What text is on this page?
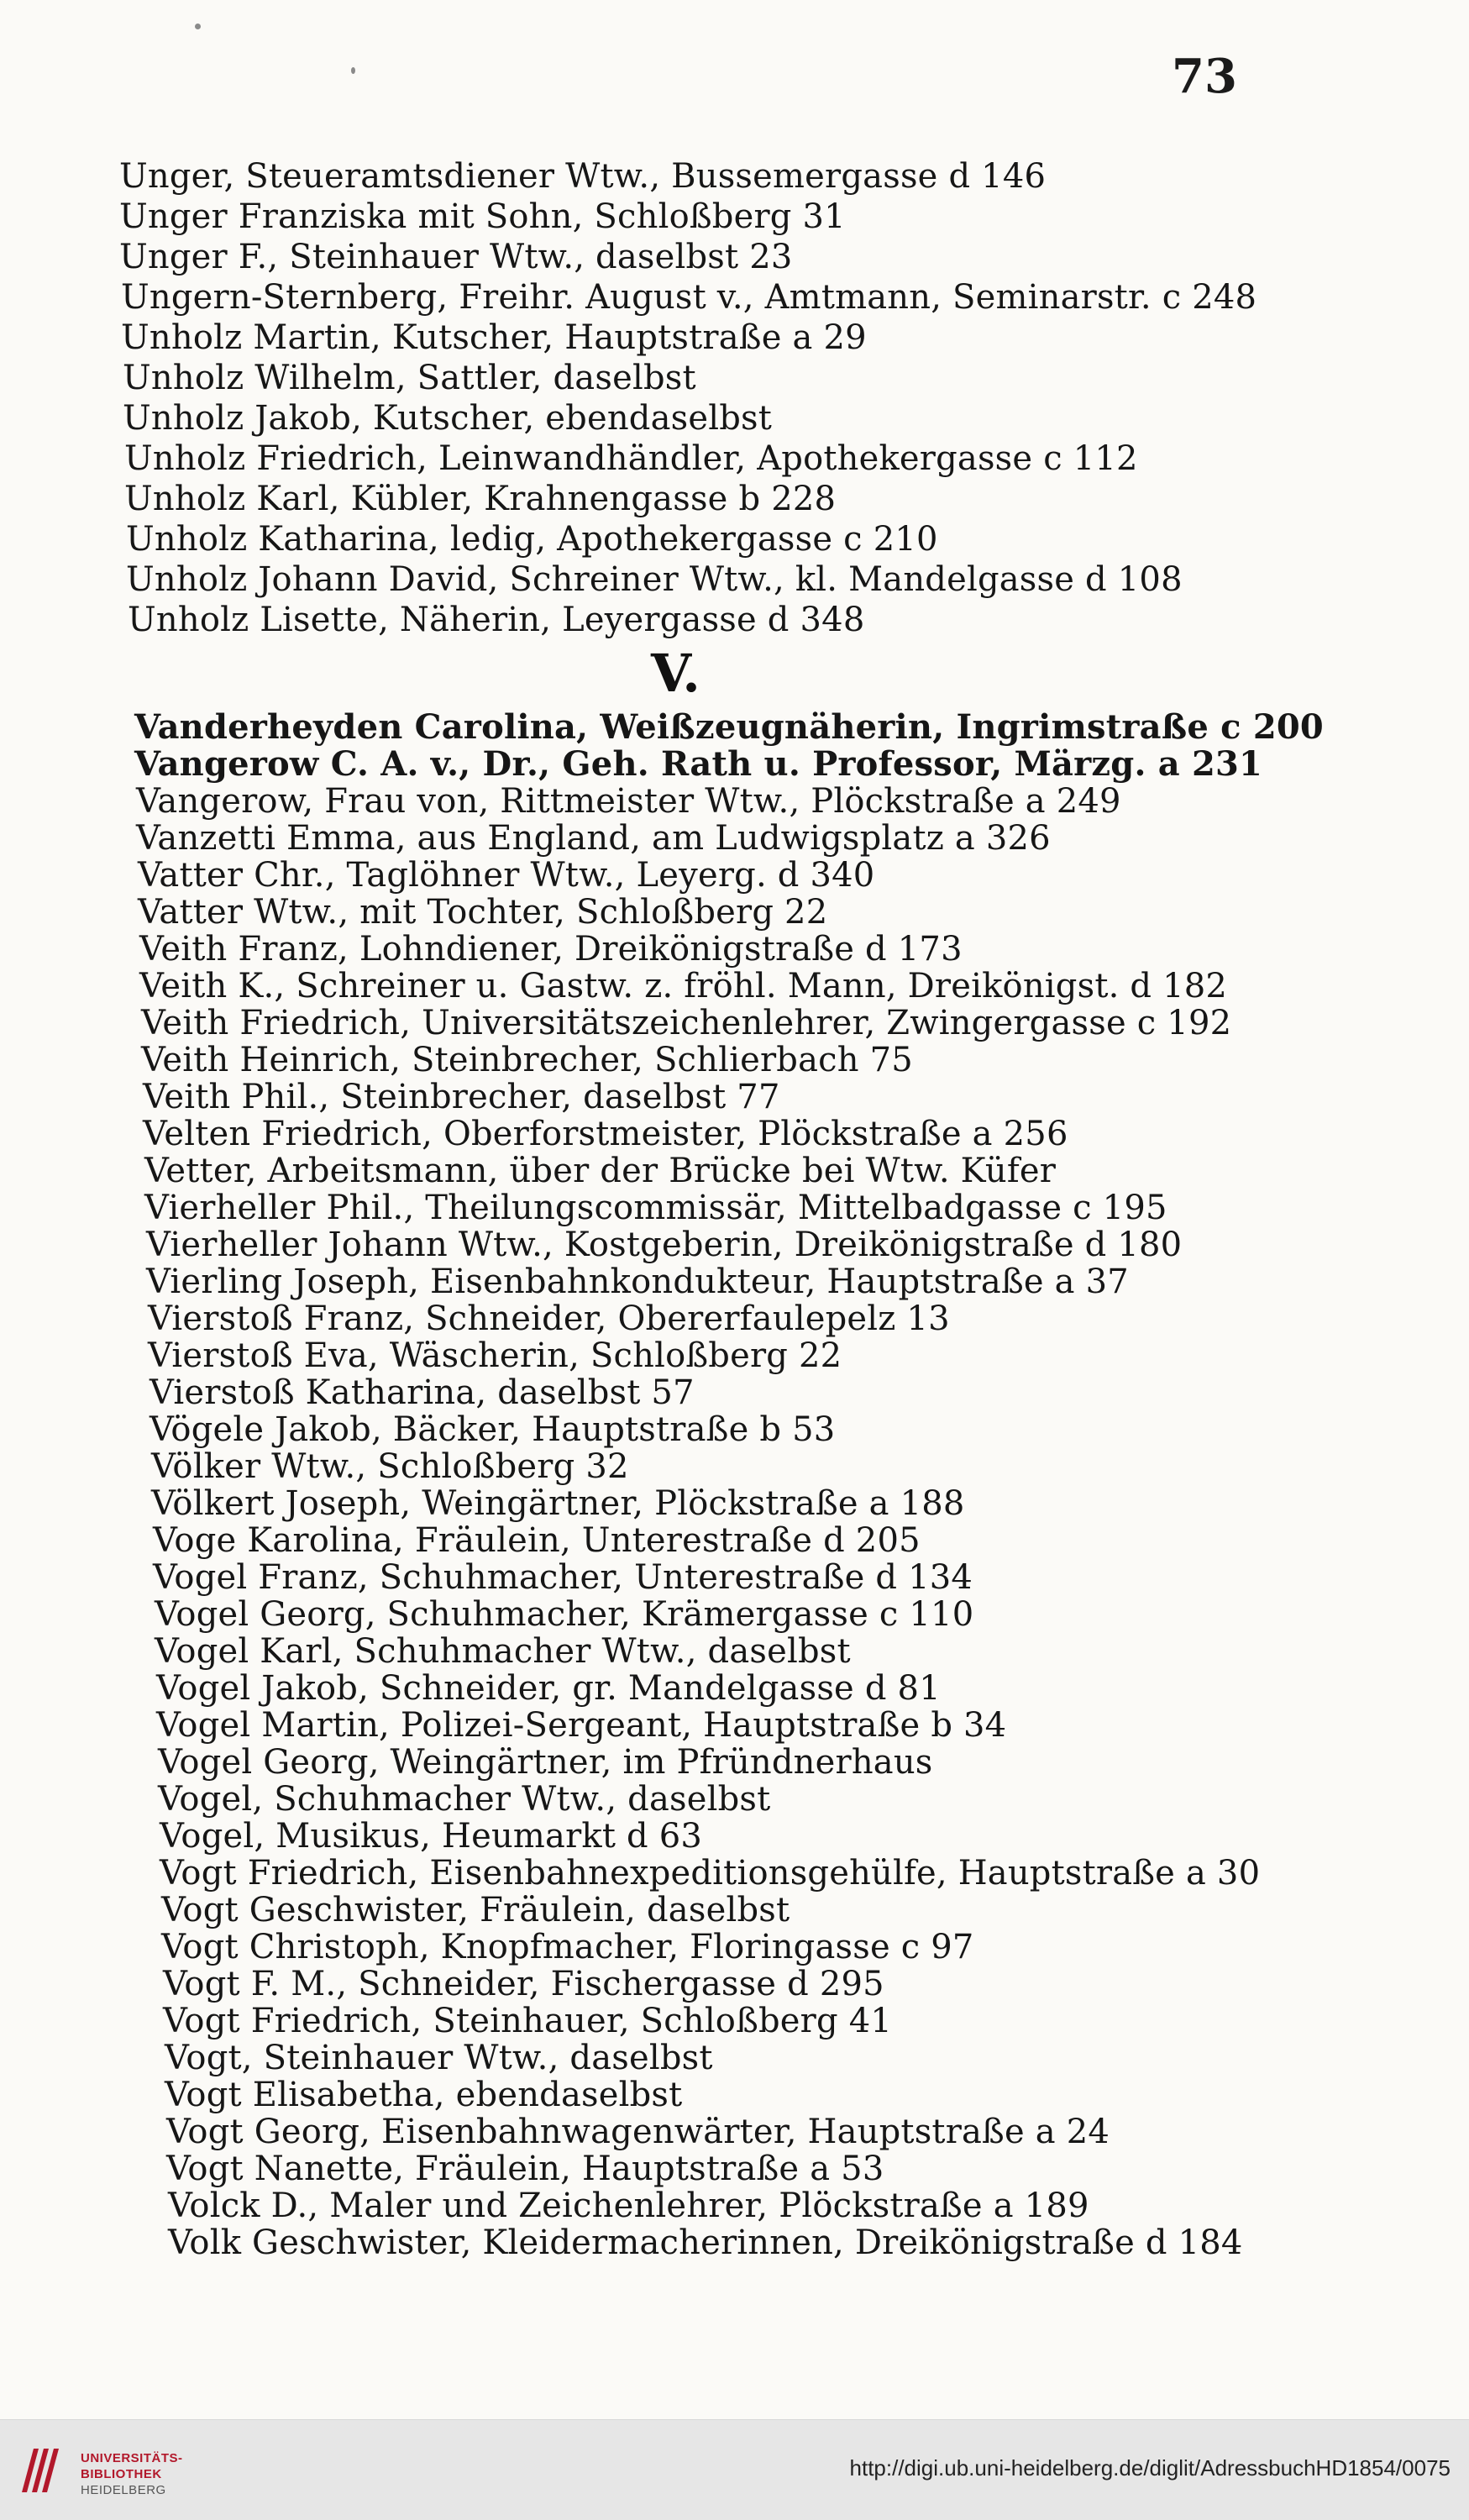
73
Unger, Steueramtsdiener Wtw., Bussemergasse d 146
Unger Franziska mit Sohn, Schloßberg 31
Unger F., Steinhauer Wtw., daselbst 23
Ungern-Sternberg, Freihr. August v., Amtmann, Seminarstr. c 248
Unholz Martin, Kutscher, Hauptstraße a 29
Unholz Wilhelm, Sattler, daselbst
Unholz Jakob, Kutscher, ebendaselbst
Unholz Friedrich, Leinwandhändler, Apothekergasse c 112
Unholz Karl, Kübler, Krahnengasse b 228
Unholz Katharina, ledig, Apothekergasse c 210
Unholz Johann David, Schreiner Wtw., kl. Mandelgasse d 108
Unholz Lisette, Näherin, Leyergasse d 348
V.
Vanderheyden Carolina, Weißzeugnäherin, Ingrimstraße c 200
Vangerow C. A. v., Dr., Geh. Rath u. Professor, Märzg. a 231
Vangerow, Frau von, Rittmeister Wtw., Plöckstraße a 249
Vanzetti Emma, aus England, am Ludwigsplatz a 326
Vatter Chr., Taglöhner Wtw., Leyerg. d 340
Vatter Wtw., mit Tochter, Schloßberg 22
Veith Franz, Lohndiener, Dreikönigstraße d 173
Veith K., Schreiner u. Gastw. z. fröhl. Mann, Dreikönigst. d 182
Veith Friedrich, Universitätszeichenlehrer, Zwingergasse c 192
Veith Heinrich, Steinbrecher, Schlierbach 75
Veith Phil., Steinbrecher, daselbst 77
Velten Friedrich, Oberforstmeister, Plöckstraße a 256
Vetter, Arbeitsmann, über der Brücke bei Wtw. Küfer
Vierheller Phil., Theilungscommissär, Mittelbadgasse c 195
Vierheller Johann Wtw., Kostgeberin, Dreikönigstraße d 180
Vierling Joseph, Eisenbahnkondukteur, Hauptstraße a 37
Vierstoß Franz, Schneider, Obererfaulepelz 13
Vierstoß Eva, Wäscherin, Schloßberg 22
Vierstoß Katharina, daselbst 57
Vögele Jakob, Bäcker, Hauptstraße b 53
Völker Wtw., Schloßberg 32
Völkert Joseph, Weingärtner, Plöckstraße a 188
Voge Karolina, Fräulein, Unterestraße d 205
Vogel Franz, Schuhmacher, Unterestraße d 134
Vogel Georg, Schuhmacher, Krämergasse c 110
Vogel Karl, Schuhmacher Wtw., daselbst
Vogel Jakob, Schneider, gr. Mandelgasse d 81
Vogel Martin, Polizei-Sergeant, Hauptstraße b 34
Vogel Georg, Weingärtner, im Pfründnerhaus
Vogel, Schuhmacher Wtw., daselbst
Vogel, Musikus, Heumarkt d 63
Vogt Friedrich, Eisenbahnexpeditionsgehülfe, Hauptstraße a 30
Vogt Geschwister, Fräulein, daselbst
Vogt Christoph, Knopfmacher, Floringasse c 97
Vogt F. M., Schneider, Fischergasse d 295
Vogt Friedrich, Steinhauer, Schloßberg 41
Vogt, Steinhauer Wtw., daselbst
Vogt Elisabetha, ebendaselbst
Vogt Georg, Eisenbahnwagenwärter, Hauptstraße a 24
Vogt Nanette, Fräulein, Hauptstraße a 53
Volck D., Maler und Zeichenlehrer, Plöckstraße a 189
Volk Geschwister, Kleidermacherinnen, Dreikönigstraße d 184
UNIVERSITÄTS-
BIBLIOTHEK
HEIDELBERG
http://digi.ub.uni-heidelberg.de/diglit/AdressbuchHD1854/0075
